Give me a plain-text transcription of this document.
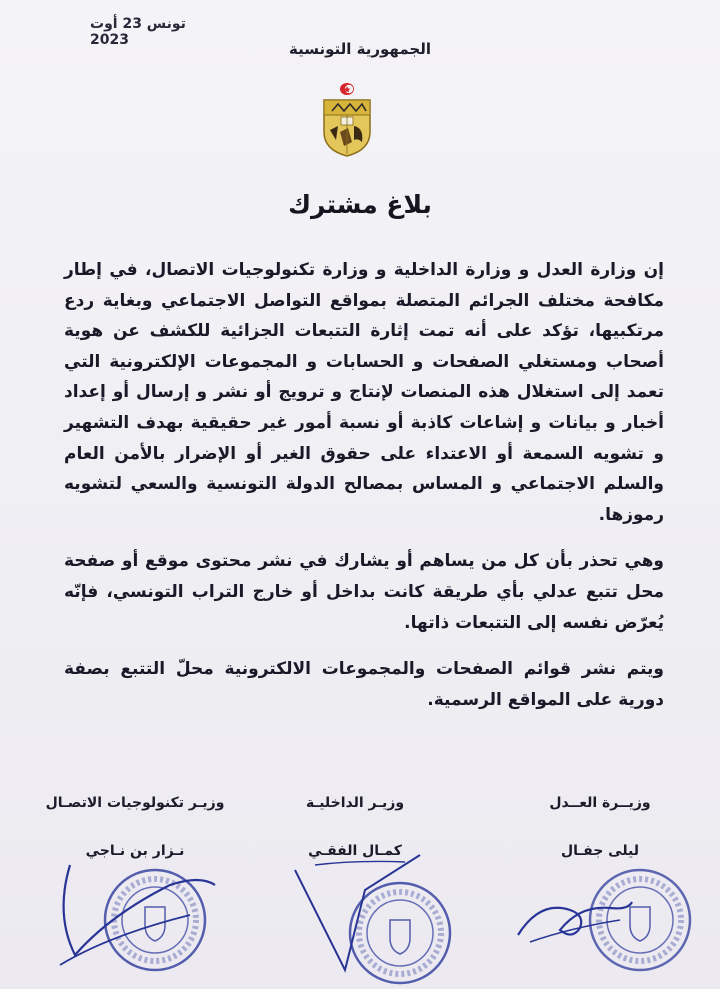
تونس 23 أوت 2023	الجمهورية التونسية
بلاغ مشترك

إن وزارة العدل و وزارة الداخلية و وزارة تكنولوجيات الاتصال، في إطار مكافحة مختلف الجرائم المتصلة بمواقع التواصل الاجتماعي وبغاية ردع مرتكبيها، تؤكد على أنه تمت إثارة التتبعات الجزائية للكشف عن هوية أصحاب ومستغلي الصفحات و الحسابات و المجموعات الإلكترونية التي تعمد إلى استغلال هذه المنصات لإنتاج و ترويج أو نشر و إرسال أو إعداد أخبار و بيانات و إشاعات كاذبة أو نسبة أمور غير حقيقية بهدف التشهير و تشويه السمعة أو الاعتداء على حقوق الغير أو الإضرار بالأمن العام والسلم الاجتماعي و المساس بمصالح الدولة التونسية والسعي لتشويه رموزها.

وهي تحذر بأن كل من يساهم أو يشارك في نشر محتوى موقع أو صفحة محل تتبع عدلي بأي طريقة كانت بداخل أو خارج التراب التونسي، فإنّه يُعرّض نفسه إلى التتبعات ذاتها.

ويتم نشر قوائم الصفحات والمجموعات الالكترونية محلّ التتبع بصفة دورية على المواقع الرسمية.

وزيــرة العــدل
ليلى جفـال
وزيـر الداخليـة
كمـال الفقـي
وزيـر تكنولوجيات الاتصـال
نـزار بن نـاجي
